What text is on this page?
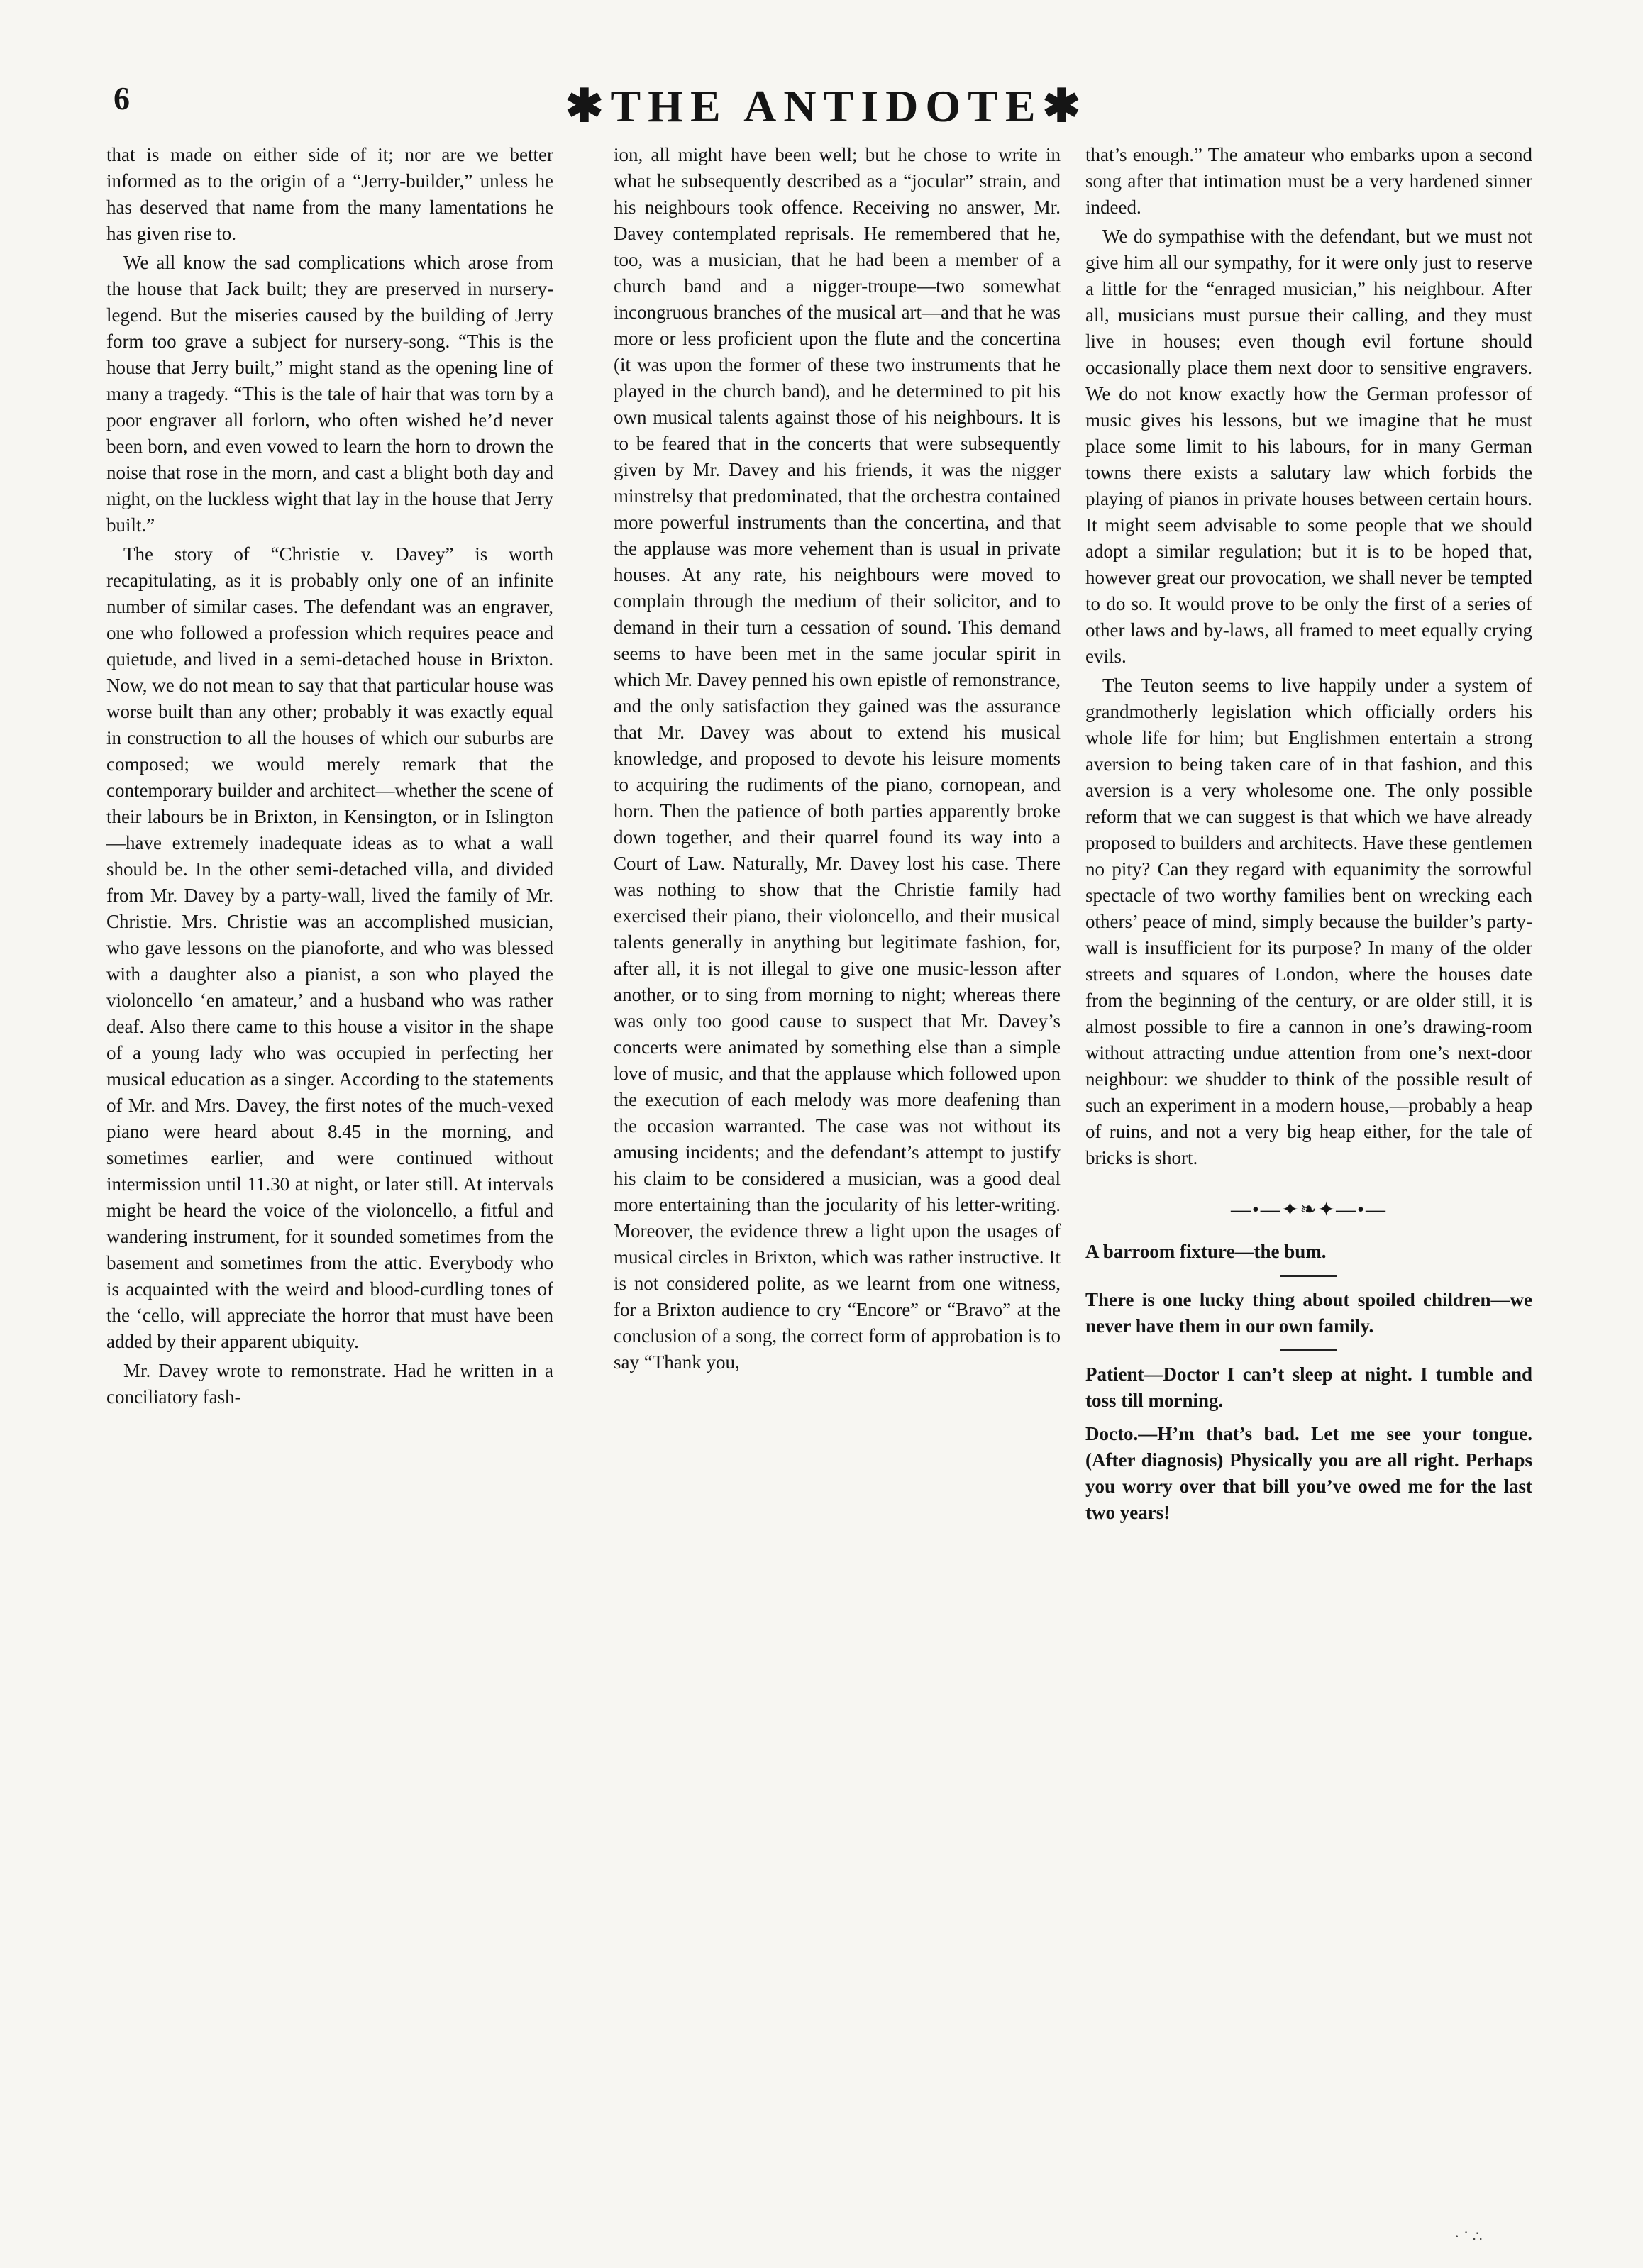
6	✱THE ANTIDOTE✱

that is made on either side of it; nor are we better informed as to the origin of a “Jerry-builder,” unless he has deserved that name from the many lamentations he has given rise to.

We all know the sad complications which arose from the house that Jack built; they are preserved in nursery-legend. But the miseries caused by the building of Jerry form too grave a subject for nursery-song. “This is the house that Jerry built,” might stand as the opening line of many a tragedy. “This is the tale of hair that was torn by a poor engraver all forlorn, who often wished he’d never been born, and even vowed to learn the horn to drown the noise that rose in the morn, and cast a blight both day and night, on the luckless wight that lay in the house that Jerry built.”

The story of “Christie v. Davey” is worth recapitulating, as it is probably only one of an infinite number of similar cases. The defendant was an engraver, one who followed a profession which requires peace and quietude, and lived in a semi-detached house in Brixton. Now, we do not mean to say that that particular house was worse built than any other; probably it was exactly equal in construction to all the houses of which our suburbs are composed; we would merely remark that the contemporary builder and architect—whether the scene of their labours be in Brixton, in Kensington, or in Islington—have extremely inadequate ideas as to what a wall should be. In the other semi-detached villa, and divided from Mr. Davey by a party-wall, lived the family of Mr. Christie. Mrs. Christie was an accomplished musician, who gave lessons on the pianoforte, and who was blessed with a daughter also a pianist, a son who played the violoncello ‘en amateur,’ and a husband who was rather deaf. Also there came to this house a visitor in the shape of a young lady who was occupied in perfecting her musical education as a singer. According to the statements of Mr. and Mrs. Davey, the first notes of the much-vexed piano were heard about 8.45 in the morning, and sometimes earlier, and were continued without intermission until 11.30 at night, or later still. At intervals might be heard the voice of the violoncello, a fitful and wandering instrument, for it sounded sometimes from the basement and sometimes from the attic. Everybody who is acquainted with the weird and blood-curdling tones of the ‘cello, will appreciate the horror that must have been added by their apparent ubiquity.

Mr. Davey wrote to remonstrate. Had he written in a conciliatory fash-

ion, all might have been well; but he chose to write in what he subsequently described as a “jocular” strain, and his neighbours took offence. Receiving no answer, Mr. Davey contemplated reprisals. He remembered that he, too, was a musician, that he had been a member of a church band and a nigger-troupe—two somewhat incongruous branches of the musical art—and that he was more or less proficient upon the flute and the concertina (it was upon the former of these two instruments that he played in the church band), and he determined to pit his own musical talents against those of his neighbours. It is to be feared that in the concerts that were subsequently given by Mr. Davey and his friends, it was the nigger minstrelsy that predominated, that the orchestra contained more powerful instruments than the concertina, and that the applause was more vehement than is usual in private houses. At any rate, his neighbours were moved to complain through the medium of their solicitor, and to demand in their turn a cessation of sound. This demand seems to have been met in the same jocular spirit in which Mr. Davey penned his own epistle of remonstrance, and the only satisfaction they gained was the assurance that Mr. Davey was about to extend his musical knowledge, and proposed to devote his leisure moments to acquiring the rudiments of the piano, cornopean, and horn. Then the patience of both parties apparently broke down together, and their quarrel found its way into a Court of Law. Naturally, Mr. Davey lost his case. There was nothing to show that the Christie family had exercised their piano, their violoncello, and their musical talents generally in anything but legitimate fashion, for, after all, it is not illegal to give one music-lesson after another, or to sing from morning to night; whereas there was only too good cause to suspect that Mr. Davey’s concerts were animated by something else than a simple love of music, and that the applause which followed upon the execution of each melody was more deafening than the occasion warranted. The case was not without its amusing incidents; and the defendant’s attempt to justify his claim to be considered a musician, was a good deal more entertaining than the jocularity of his letter-writing. Moreover, the evidence threw a light upon the usages of musical circles in Brixton, which was rather instructive. It is not considered polite, as we learnt from one witness, for a Brixton audience to cry “Encore” or “Bravo” at the conclusion of a song, the correct form of approbation is to say “Thank you,

that’s enough.” The amateur who embarks upon a second song after that intimation must be a very hardened sinner indeed.

We do sympathise with the defendant, but we must not give him all our sympathy, for it were only just to reserve a little for the “enraged musician,” his neighbour. After all, musicians must pursue their calling, and they must live in houses; even though evil fortune should occasionally place them next door to sensitive engravers. We do not know exactly how the German professor of music gives his lessons, but we imagine that he must place some limit to his labours, for in many German towns there exists a salutary law which forbids the playing of pianos in private houses between certain hours. It might seem advisable to some people that we should adopt a similar regulation; but it is to be hoped that, however great our provocation, we shall never be tempted to do so. It would prove to be only the first of a series of other laws and by-laws, all framed to meet equally crying evils.

The Teuton seems to live happily under a system of grandmotherly legislation which officially orders his whole life for him; but Englishmen entertain a strong aversion to being taken care of in that fashion, and this aversion is a very wholesome one. The only possible reform that we can suggest is that which we have already proposed to builders and architects. Have these gentlemen no pity? Can they regard with equanimity the sorrowful spectacle of two worthy families bent on wrecking each others’ peace of mind, simply because the builder’s party-wall is insufficient for its purpose? In many of the older streets and squares of London, where the houses date from the beginning of the century, or are older still, it is almost possible to fire a cannon in one’s drawing-room without attracting undue attention from one’s next-door neighbour: we shudder to think of the possible result of such an experiment in a modern house,—probably a heap of ruins, and not a very big heap either, for the tale of bricks is short.

—•—✦❧✦—•—

A barroom fixture—the bum.

There is one lucky thing about spoiled children—we never have them in our own family.

Patient—Doctor I can’t sleep at night. I tumble and toss till morning.

Docto.—H’m that’s bad. Let me see your tongue. (After diagnosis) Physically you are all right. Perhaps you worry over that bill you’ve owed me for the last two years!

· ˙ ∴
